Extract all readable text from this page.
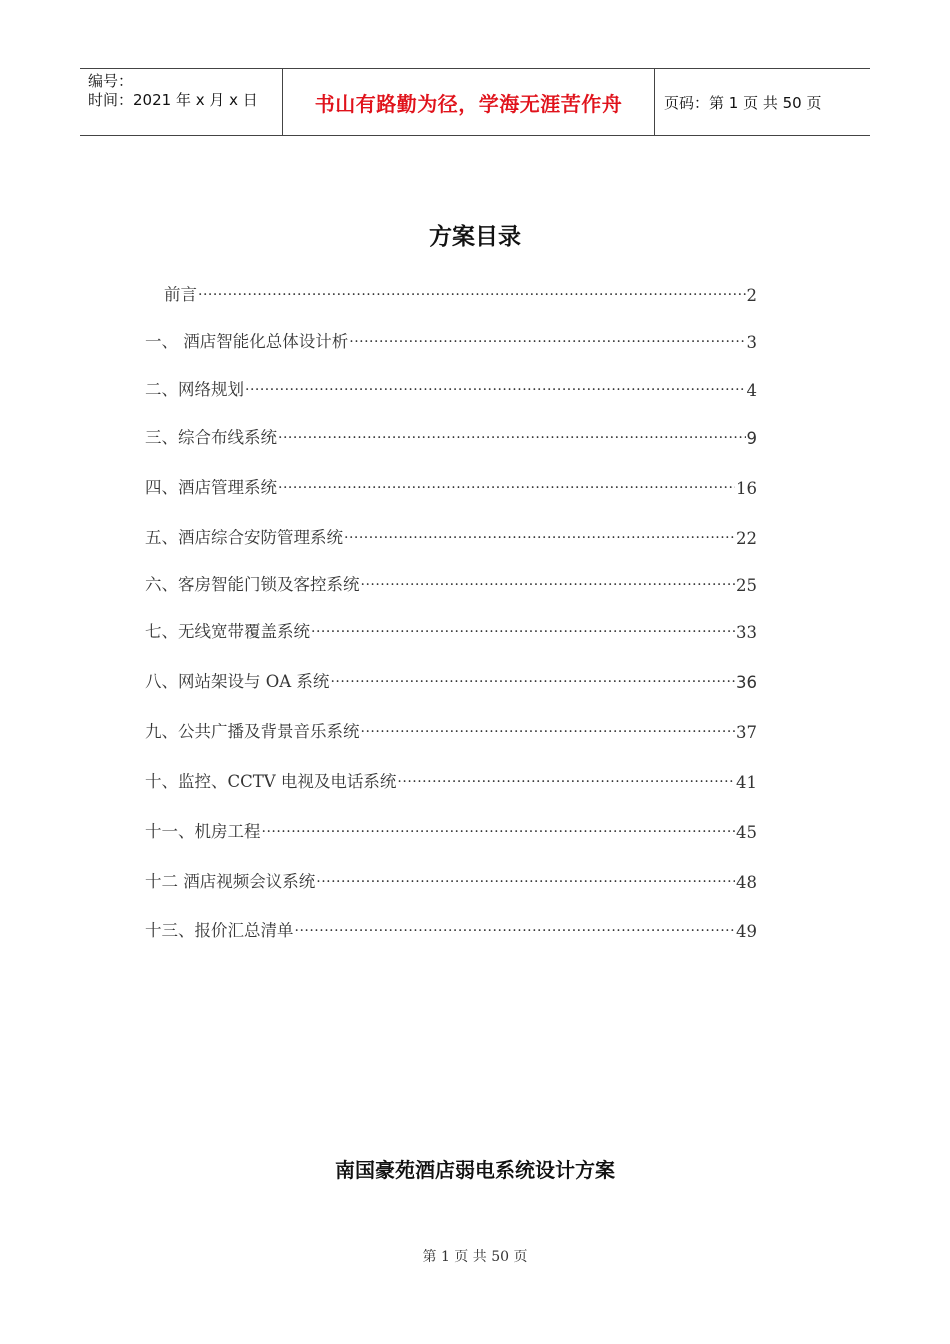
编号：
时间：2021 年 x 月 x 日	书山有路勤为径，学海无涯苦作舟	页码：第 1 页 共 50 页
方案目录
前言 ·····	2
一、 酒店智能化总体设计析 ·····	3
二、网络规划 ·····	4
三、综合布线系统 ·····	9
四、酒店管理系统 ·····	16
五、酒店综合安防管理系统 ·····	22
六、客房智能门锁及客控系统 ·····	25
七、无线宽带覆盖系统 ·····	33
八、网站架设与 OA 系统 ·····	36
九、公共广播及背景音乐系统 ·····	37
十、监控、CCTV 电视及电话系统 ·····	41
十一、机房工程 ·····	45
十二 酒店视频会议系统 ·····	48
十三、报价汇总清单 ·····	49
南国豪苑酒店弱电系统设计方案
第 1 页 共 50 页
